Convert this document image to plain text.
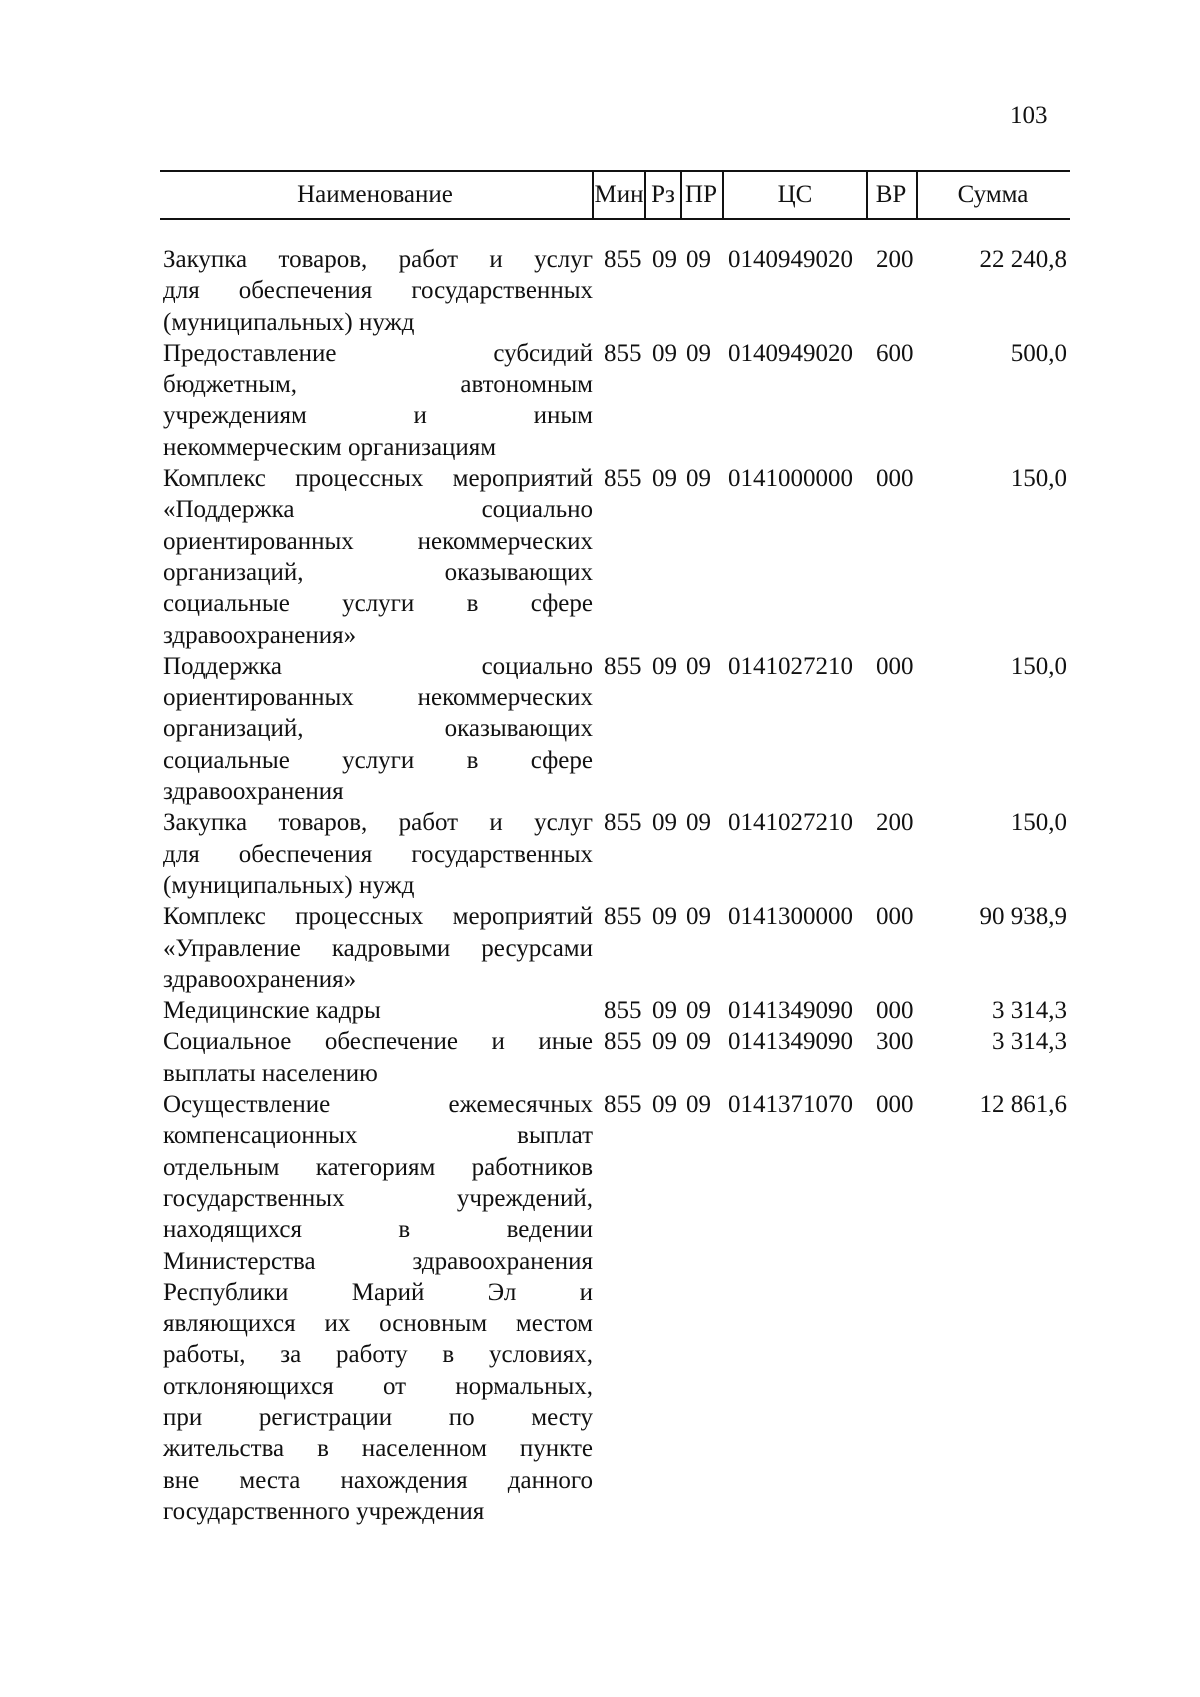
103
Наименование	Мин Рз ПР	ЦС	ВР	Сумма
Закупка товаров, работ и услуг
для обеспечения государственных
(муниципальных) нужд
855 09 09 0140949020 200	22 240,8
Предоставление субсидий
бюджетным, автономным
учреждениям и иным
некоммерческим организациям
855 09 09 0140949020 600	500,0
Комплекс процессных мероприятий
«Поддержка социально
ориентированных некоммерческих
организаций, оказывающих
социальные услуги в сфере
здравоохранения»
855 09 09 0141000000 000	150,0
Поддержка социально
ориентированных некоммерческих
организаций, оказывающих
социальные услуги в сфере
здравоохранения
855 09 09 0141027210 000	150,0
Закупка товаров, работ и услуг
для обеспечения государственных
(муниципальных) нужд
855 09 09 0141027210 200	150,0
Комплекс процессных мероприятий
«Управление кадровыми ресурсами
здравоохранения»
855 09 09 0141300000 000	90 938,9
Медицинские кадры	855 09 09 0141349090 000	3 314,3
Социальное обеспечение и иные
выплаты населению
855 09 09 0141349090 300	3 314,3
Осуществление ежемесячных
компенсационных выплат
отдельным категориям работников
государственных учреждений,
находящихся в ведении
Министерства здравоохранения
Республики Марий Эл и
являющихся их основным местом
работы, за работу в условиях,
отклоняющихся от нормальных,
при регистрации по месту
жительства в населенном пункте
вне места нахождения данного
государственного учреждения
855 09 09 0141371070 000	12 861,6
